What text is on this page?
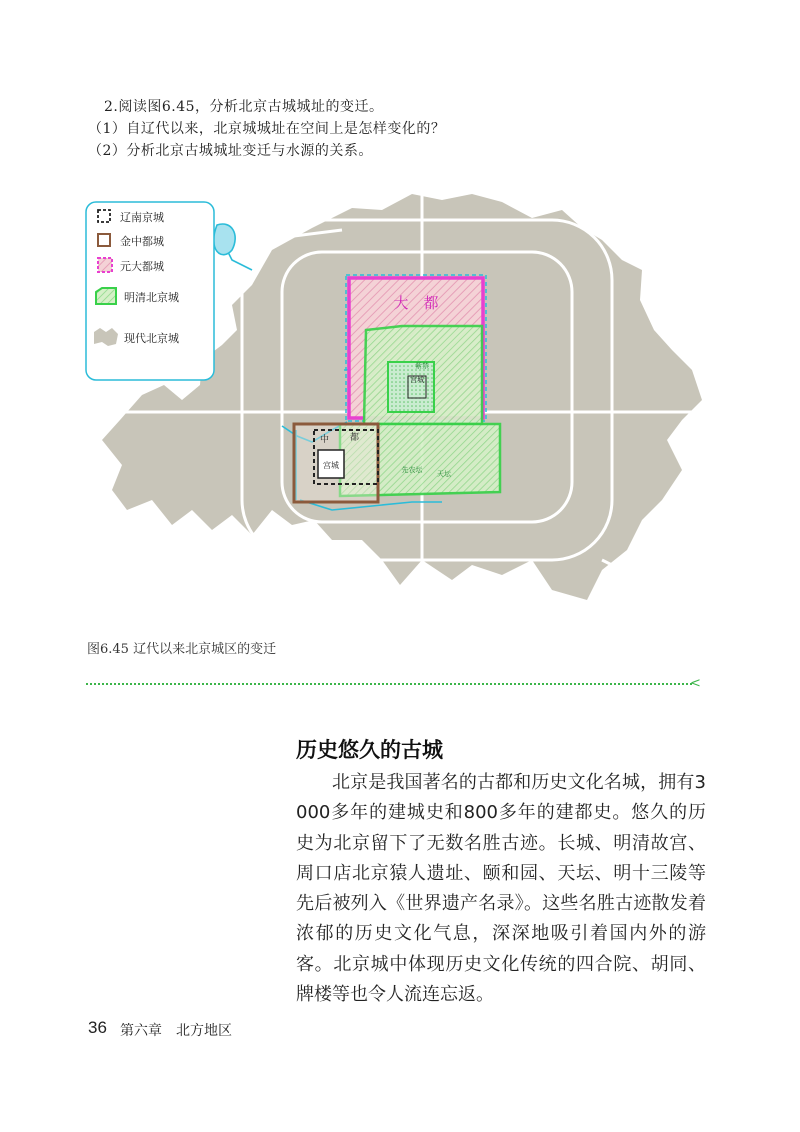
2.阅读图6.45，分析北京古城城址的变迁。
（1）自辽代以来，北京城城址在空间上是怎样变化的？
（2）分析北京古城城址变迁与水源的关系。
大　都
紫禁
宫城
先农坛 天坛
中 都
宫城
辽南京城
金中都城
元大都城
明清北京城
现代北京城
图6.45 辽代以来北京城区的变迁
<
历史悠久的古城
北京是我国著名的古都和历史文化名城，拥有3 000多年的建城史和800多年的建都史。悠久的历史为北京留下了无数名胜古迹。长城、明清故宫、周口店北京猿人遗址、颐和园、天坛、明十三陵等先后被列入《世界遗产名录》。这些名胜古迹散发着浓郁的历史文化气息，深深地吸引着国内外的游客。北京城中体现历史文化传统的四合院、胡同、牌楼等也令人流连忘返。
36 第六章　北方地区
